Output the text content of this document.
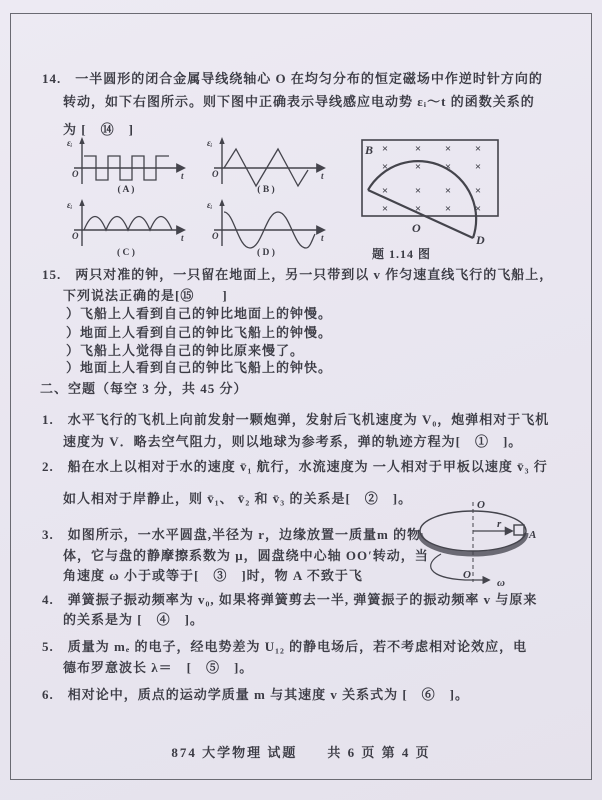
14.　一半圆形的闭合金属导线绕轴心 O 在均匀分布的恒定磁场中作逆时针方向的
转动，如下右图所示。则下图中正确表示导线感应电动势 εᵢ～t 的函数关系的
为 [　⑭　]
εᵢ
O	t
( A )
εᵢ
O	t
( B )
εᵢ
O	t
( C )
εᵢ
O	t
( D )
B × × × ×
× × × ×
× × × ×
× × × ×
O
D
题 1.14 图
15.　两只对准的钟，一只留在地面上，另一只带到以 v 作匀速直线飞行的飞船上，
下列说法正确的是[⑮　　]
）飞船上人看到自己的钟比地面上的钟慢。
）地面上人看到自己的钟比飞船上的钟慢。
）飞船上人觉得自己的钟比原来慢了。
）地面上人看到自己的钟比飞船上的钟快。
二、空题（每空 3 分，共 45 分）
1.　水平飞行的飞机上向前发射一颗炮弹，发射后飞机速度为 V₀，炮弹相对于飞机
速度为 V．略去空气阻力，则以地球为参考系，弹的轨迹方程为[　①　]。
2.　船在水上以相对于水的速度 v̄₁ 航行，水流速度为 一人相对于甲板以速度 v̄₃ 行
如人相对于岸静止，则 v̄₁、 v̄₂ 和 v̄₃ 的关系是[　②　]。
3.　如图所示，一水平圆盘,半径为 r，边缘放置一质量m 的物
体，它与盘的静摩擦系数为 μ，圆盘绕中心轴 OO′转动，当
角速度 ω 小于或等于[　③　]时，物 A 不致于飞
O
O
ω
r
A
4.　弹簧振子振动频率为 v₀, 如果将弹簧剪去一半, 弹簧振子的振动频率 v 与原来
的关系是为 [　④　]。
5.　质量为 mₑ 的电子，经电势差为 U₁₂ 的静电场后，若不考虑相对论效应，电
德布罗意波长 λ＝　[　⑤　]。
6.　相对论中，质点的运动学质量 m 与其速度 v 关系式为 [　⑥　]。
874 大学物理 试题　　共 6 页 第 4 页
